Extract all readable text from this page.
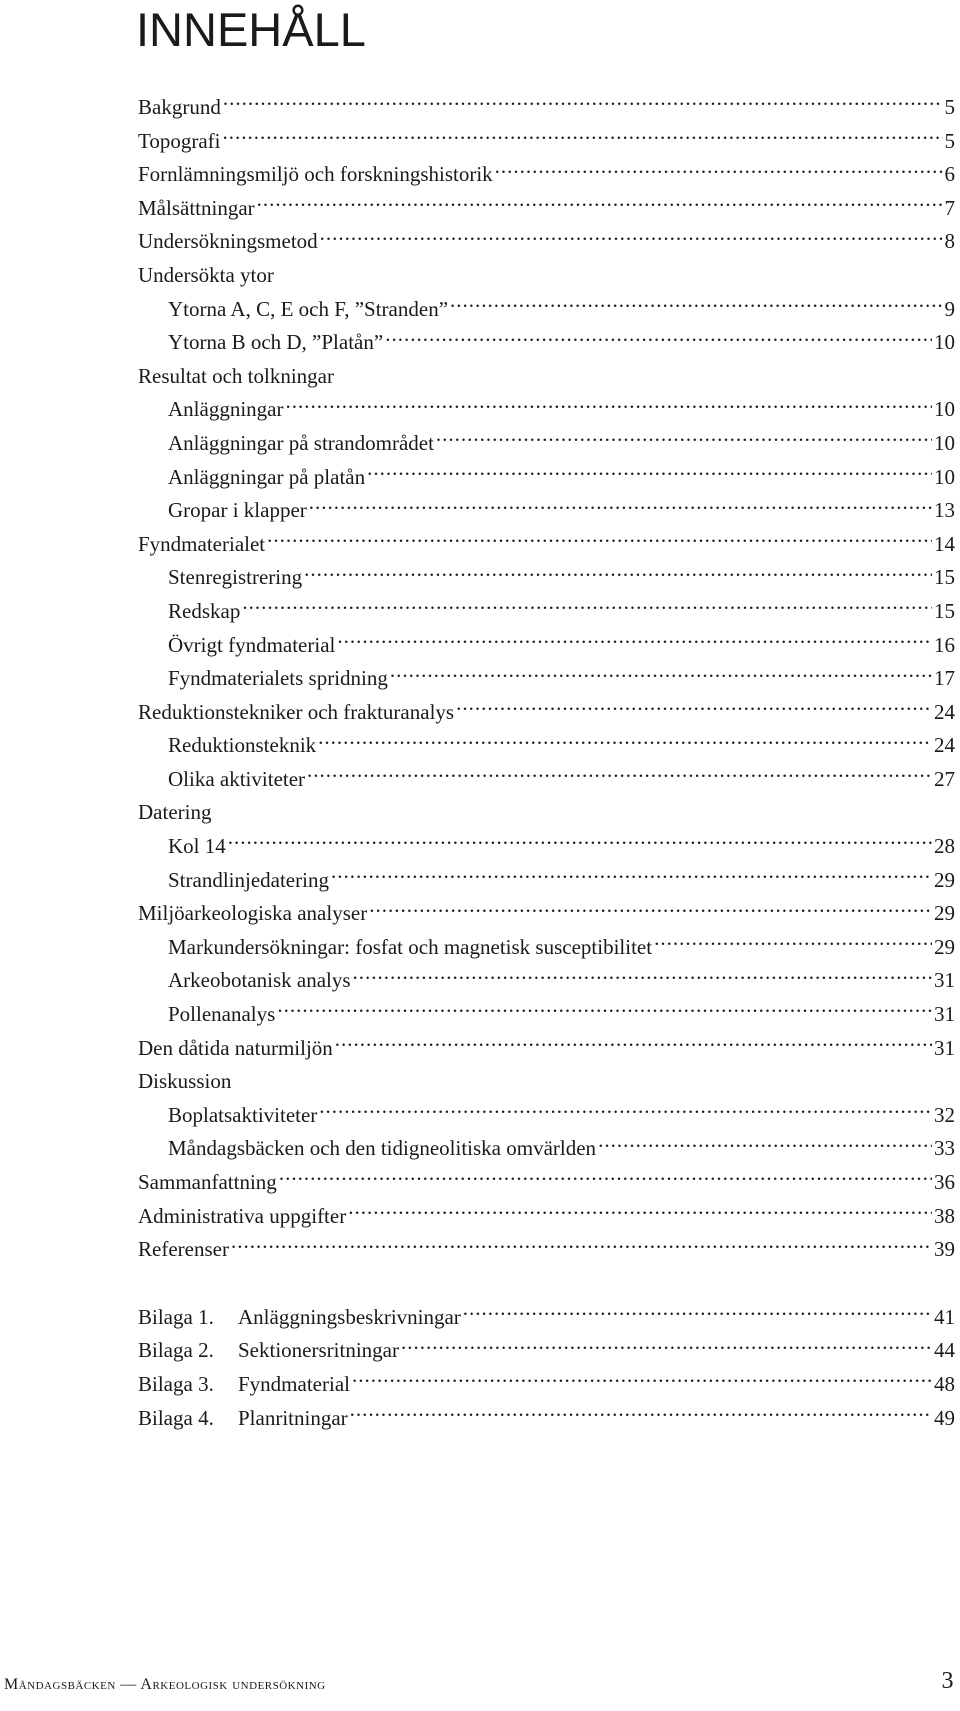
INNEHÅLL
Bakgrund .....	5
Topografi .....	5
Fornlämningsmiljö och forskningshistorik .....	6
Målsättningar .....	7
Undersökningsmetod .....	8
Undersökta ytor
Ytorna A, C, E och F, ”Stranden” .....	9
Ytorna B och D, ”Platån” .....	10
Resultat och tolkningar
Anläggningar .....	10
Anläggningar på strandområdet .....	10
Anläggningar på platån .....	10
Gropar i klapper .....	13
Fyndmaterialet .....	14
Stenregistrering .....	15
Redskap .....	15
Övrigt fyndmaterial .....	16
Fyndmaterialets spridning .....	17
Reduktionstekniker och frakturanalys .....	24
Reduktionsteknik .....	24
Olika aktiviteter .....	27
Datering
Kol 14 .....	28
Strandlinjedatering .....	29
Miljöarkeologiska analyser .....	29
Markundersökningar: fosfat och magnetisk susceptibilitet .....	29
Arkeobotanisk analys .....	31
Pollenanalys .....	31
Den dåtida naturmiljön .....	31
Diskussion
Boplatsaktiviteter .....	32
Måndagsbäcken och den tidigneolitiska omvärlden .....	33
Sammanfattning .....	36
Administrativa uppgifter .....	38
Referenser .....	39
Bilaga 1.	Anläggningsbeskrivningar .....	41
Bilaga 2.	Sektionersritningar .....	44
Bilaga 3.	Fyndmaterial .....	48
Bilaga 4.	Planritningar .....	49
Måndagsbäcken — Arkeologisk undersökning	3
